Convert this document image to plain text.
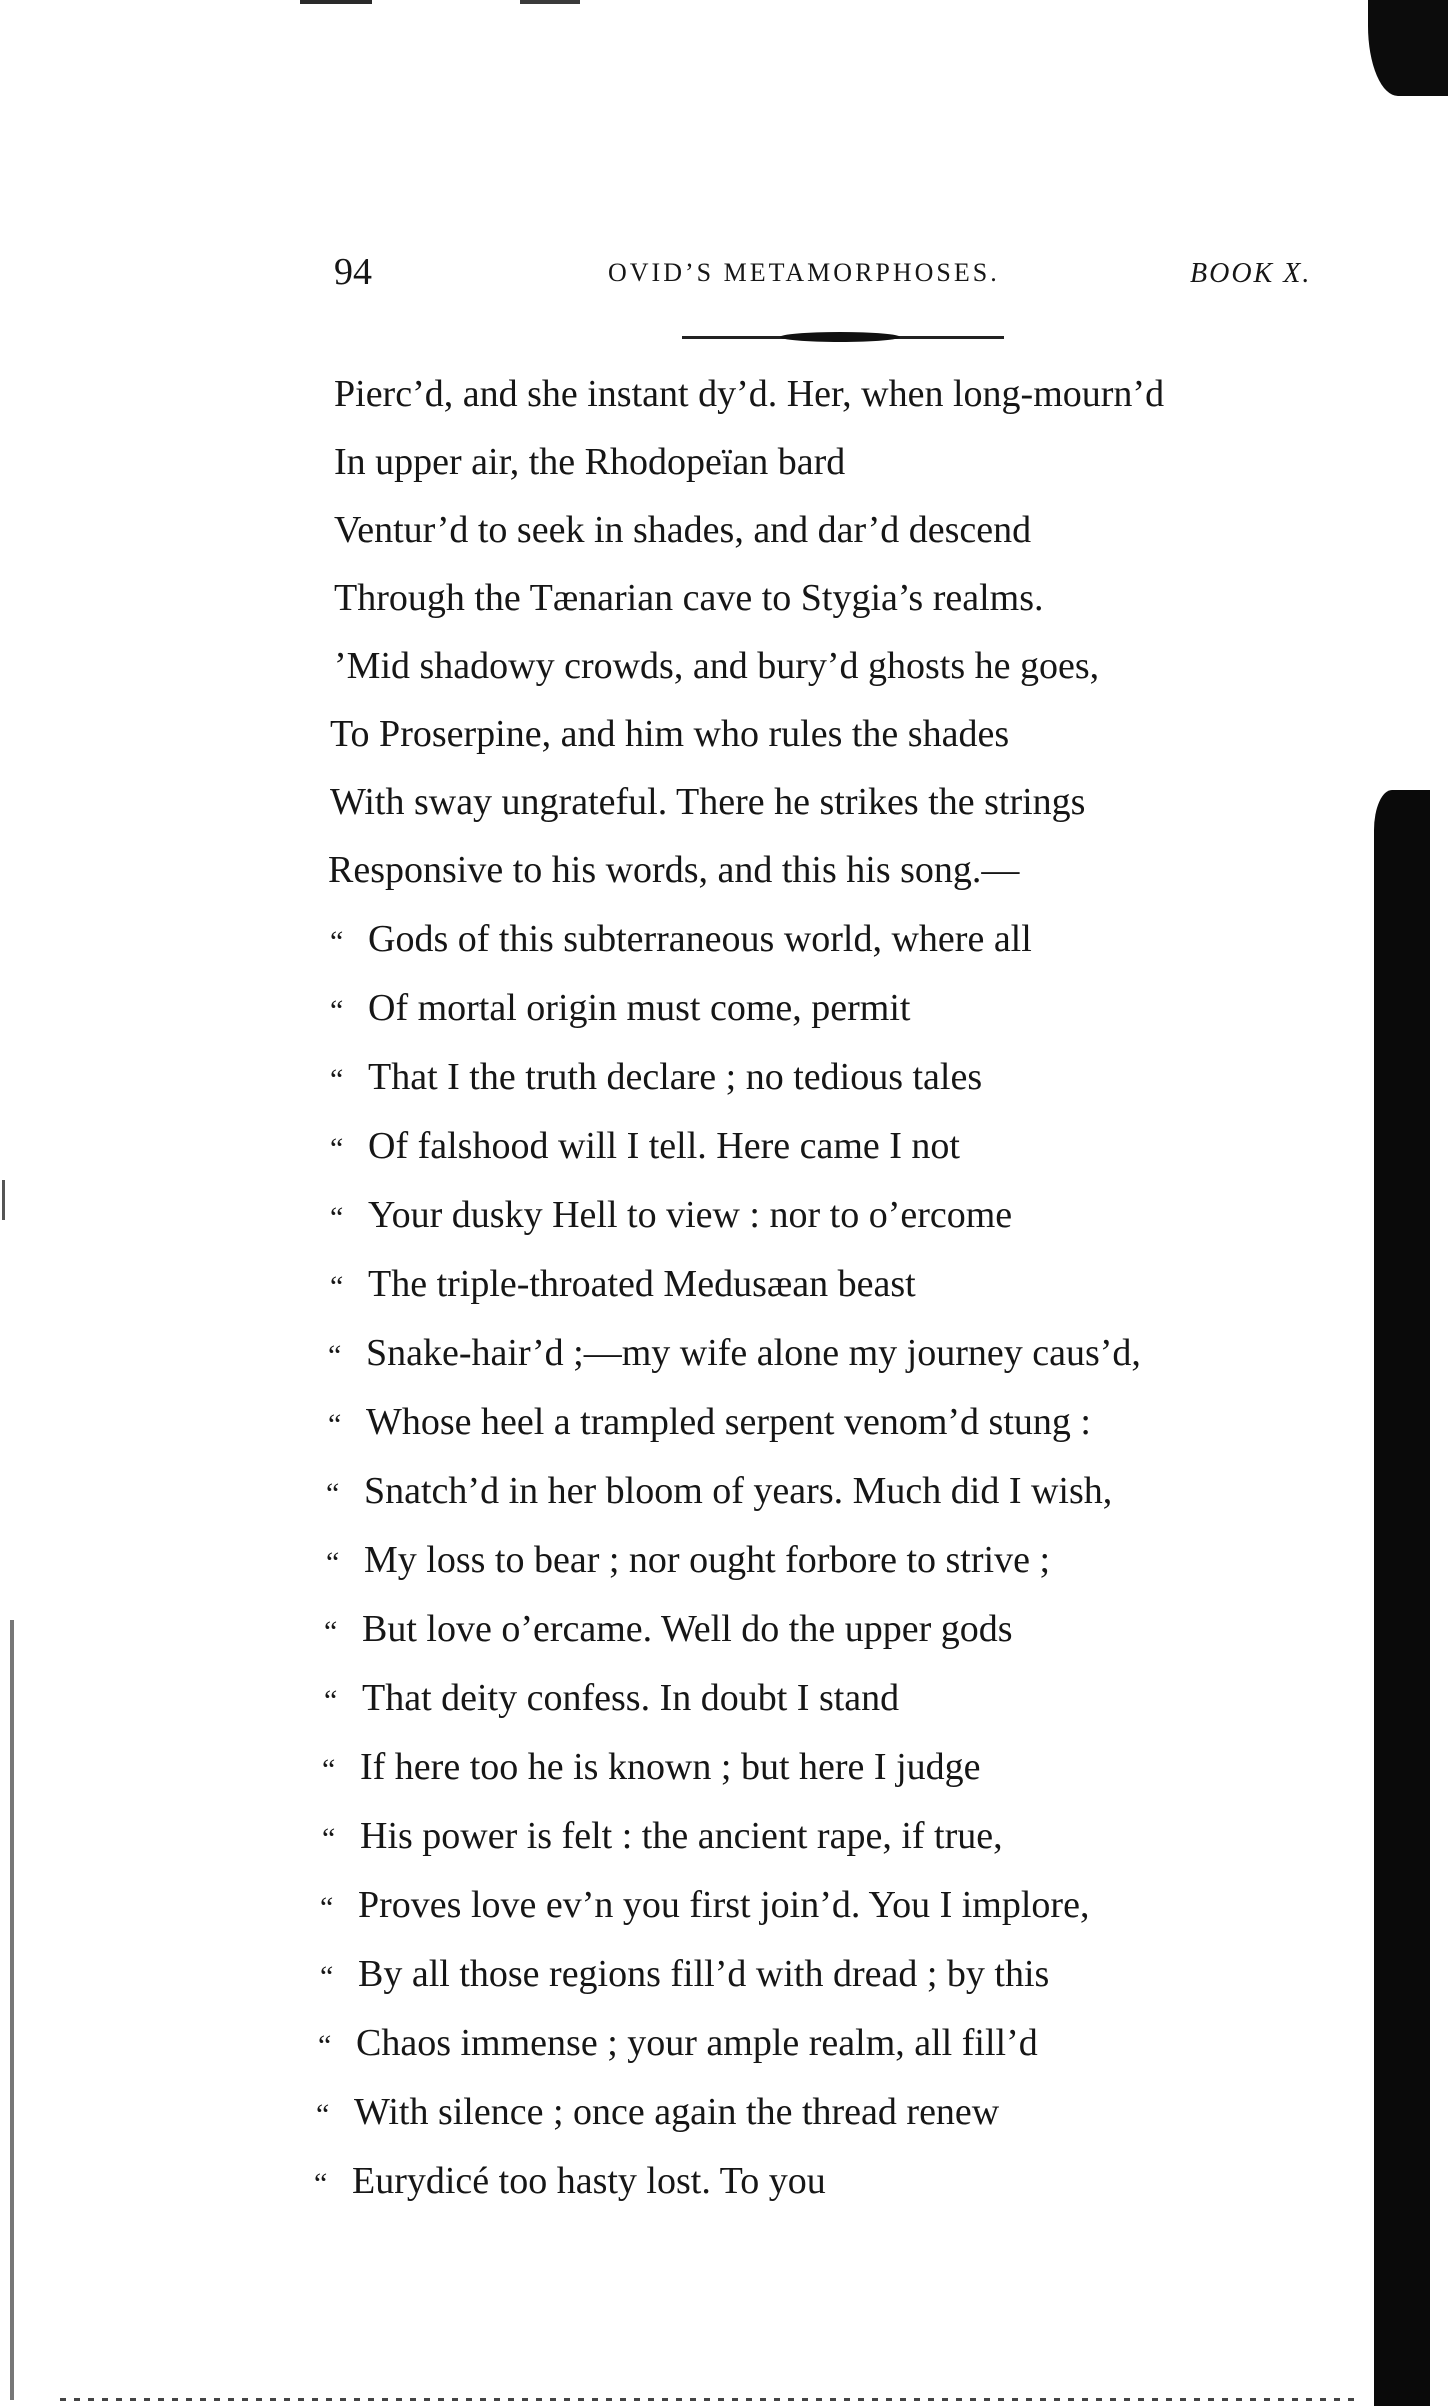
94	OVID’S METAMORPHOSES.	BOOK X.
Pierc’d, and she instant dy’d. Her, when long-mourn’d
In upper air, the Rhodopeïan bard
Ventur’d to seek in shades, and dar’d descend
Through the Tænarian cave to Stygia’s realms.
’Mid shadowy crowds, and bury’d ghosts he goes,
To Proserpine, and him who rules the shades
With sway ungrateful. There he strikes the strings
Responsive to his words, and this his song.—
“ Gods of this subterraneous world, where all
“ Of mortal origin must come, permit
“ That I the truth declare ; no tedious tales
“ Of falshood will I tell. Here came I not
“ Your dusky Hell to view : nor to o’ercome
“ The triple-throated Medusæan beast
“ Snake-hair’d ;—my wife alone my journey caus’d,
“ Whose heel a trampled serpent venom’d stung :
“ Snatch’d in her bloom of years. Much did I wish,
“ My loss to bear ; nor ought forbore to strive ;
“ But love o’ercame. Well do the upper gods
“ That deity confess. In doubt I stand
“ If here too he is known ; but here I judge
“ His power is felt : the ancient rape, if true,
“ Proves love ev’n you first join’d. You I implore,
“ By all those regions fill’d with dread ; by this
“ Chaos immense ; your ample realm, all fill’d
“ With silence ; once again the thread renew
“ Eurydicé too hasty lost. To you
